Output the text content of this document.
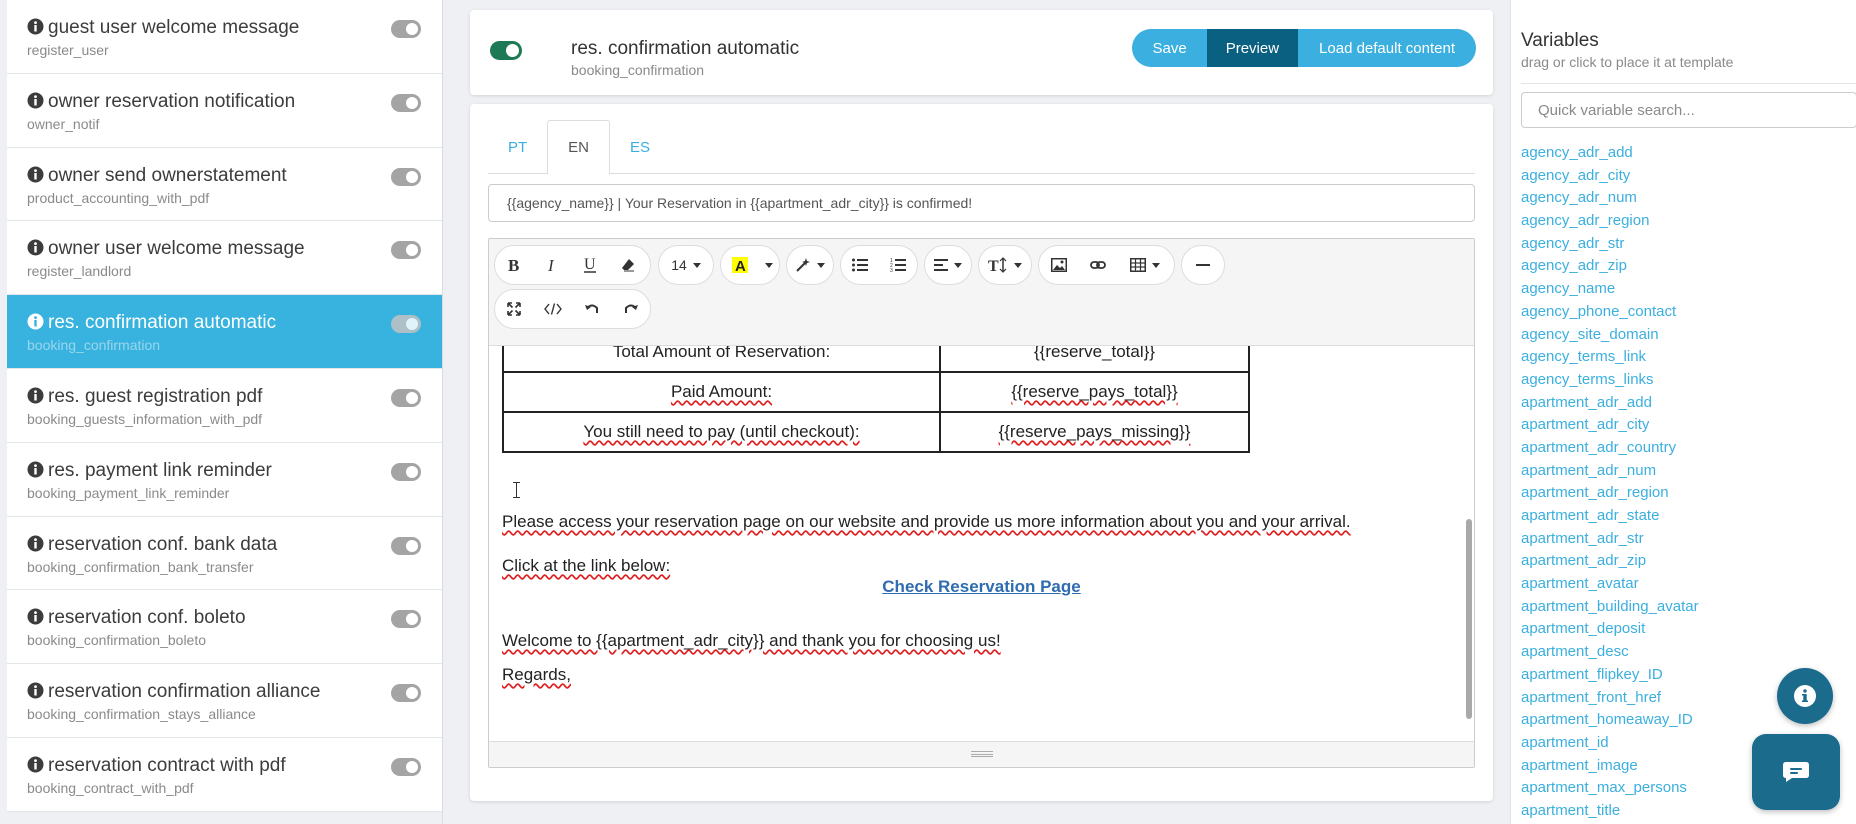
guest user welcome message
register_user
owner reservation notification
owner_notif
owner send ownerstatement
product_accounting_with_pdf
owner user welcome message
register_landlord
res. confirmation automatic
booking_confirmation
res. guest registration pdf
booking_guests_information_with_pdf
res. payment link reminder
booking_payment_link_reminder
reservation conf. bank data
booking_confirmation_bank_transfer
reservation conf. boleto
booking_confirmation_boleto
reservation confirmation alliance
booking_confirmation_stays_alliance
reservation contract with pdf
booking_contract_with_pdf
res. confirmation automatic
booking_confirmation
Save	Preview	Load default content
PT	EN	ES
{{agency_name}} | Your Reservation in {{apartment_adr_city}} is confirmed!
B I U	14	A	1
2
3	T
Total Amount of Reservation:	{{reserve_total}}
Paid Amount:	{{reserve_pays_total}}
You still need to pay (until checkout):	{{reserve_pays_missing}}
Please access your reservation page on our website and provide us more information about you and your arrival.
Click at the link below:
Check Reservation Page
Welcome to {{apartment_adr_city}} and thank you for choosing us!
Regards,
Variables
drag or click to place it at template
Quick variable search...
agency_adr_add
agency_adr_city
agency_adr_num
agency_adr_region
agency_adr_str
agency_adr_zip
agency_name
agency_phone_contact
agency_site_domain
agency_terms_link
agency_terms_links
apartment_adr_add
apartment_adr_city
apartment_adr_country
apartment_adr_num
apartment_adr_region
apartment_adr_state
apartment_adr_str
apartment_adr_zip
apartment_avatar
apartment_building_avatar
apartment_deposit
apartment_desc
apartment_flipkey_ID
apartment_front_href
apartment_homeaway_ID
apartment_id
apartment_image
apartment_max_persons
apartment_title
